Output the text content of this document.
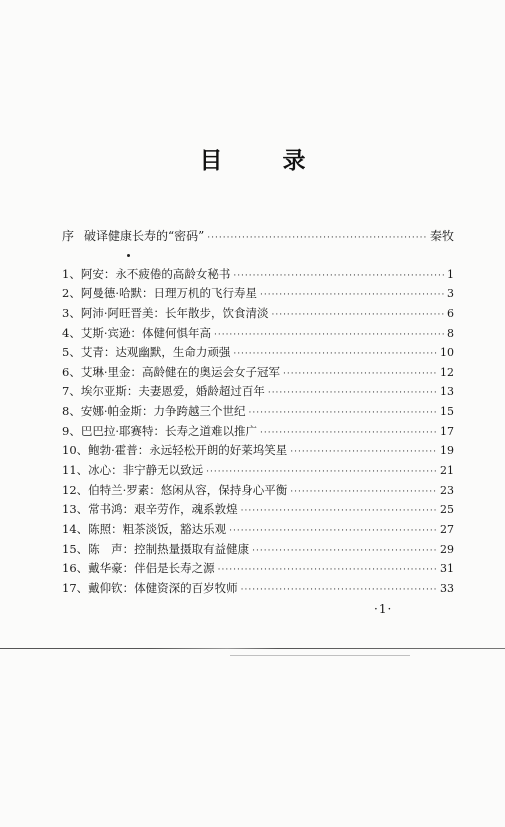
目 录
序 破译健康长寿的“密码” ·····	秦牧
1、阿安：永不疲倦的高龄女秘书 ·····	1
2、阿曼德·哈默：日理万机的飞行寿星 ·····	3
3、阿沛·阿旺晋美：长年散步，饮食清淡 ·····	6
4、艾斯·宾逊：体健何惧年高 ·····	8
5、艾青：达观幽默，生命力顽强 ·····	10
6、艾琳·里金：高龄健在的奥运会女子冠军 ·····	12
7、埃尔亚斯：夫妻恩爱，婚龄超过百年 ·····	13
8、安娜·帕金斯：力争跨越三个世纪 ·····	15
9、巴巴拉·耶赛特：长寿之道难以推广 ·····	17
10、鲍勃·霍普：永远轻松开朗的好莱坞笑星 ·····	19
11、冰心：非宁静无以致远 ·····	21
12、伯特兰·罗素：悠闲从容，保持身心平衡 ·····	23
13、常书鸿：艰辛劳作，魂系敦煌 ·····	25
14、陈照：粗茶淡饭，豁达乐观 ·····	27
15、陈　声：控制热量摄取有益健康 ·····	29
16、戴华豪：伴侣是长寿之源 ·····	31
17、戴仰钦：体健资深的百岁牧师 ·····	33
·1·
